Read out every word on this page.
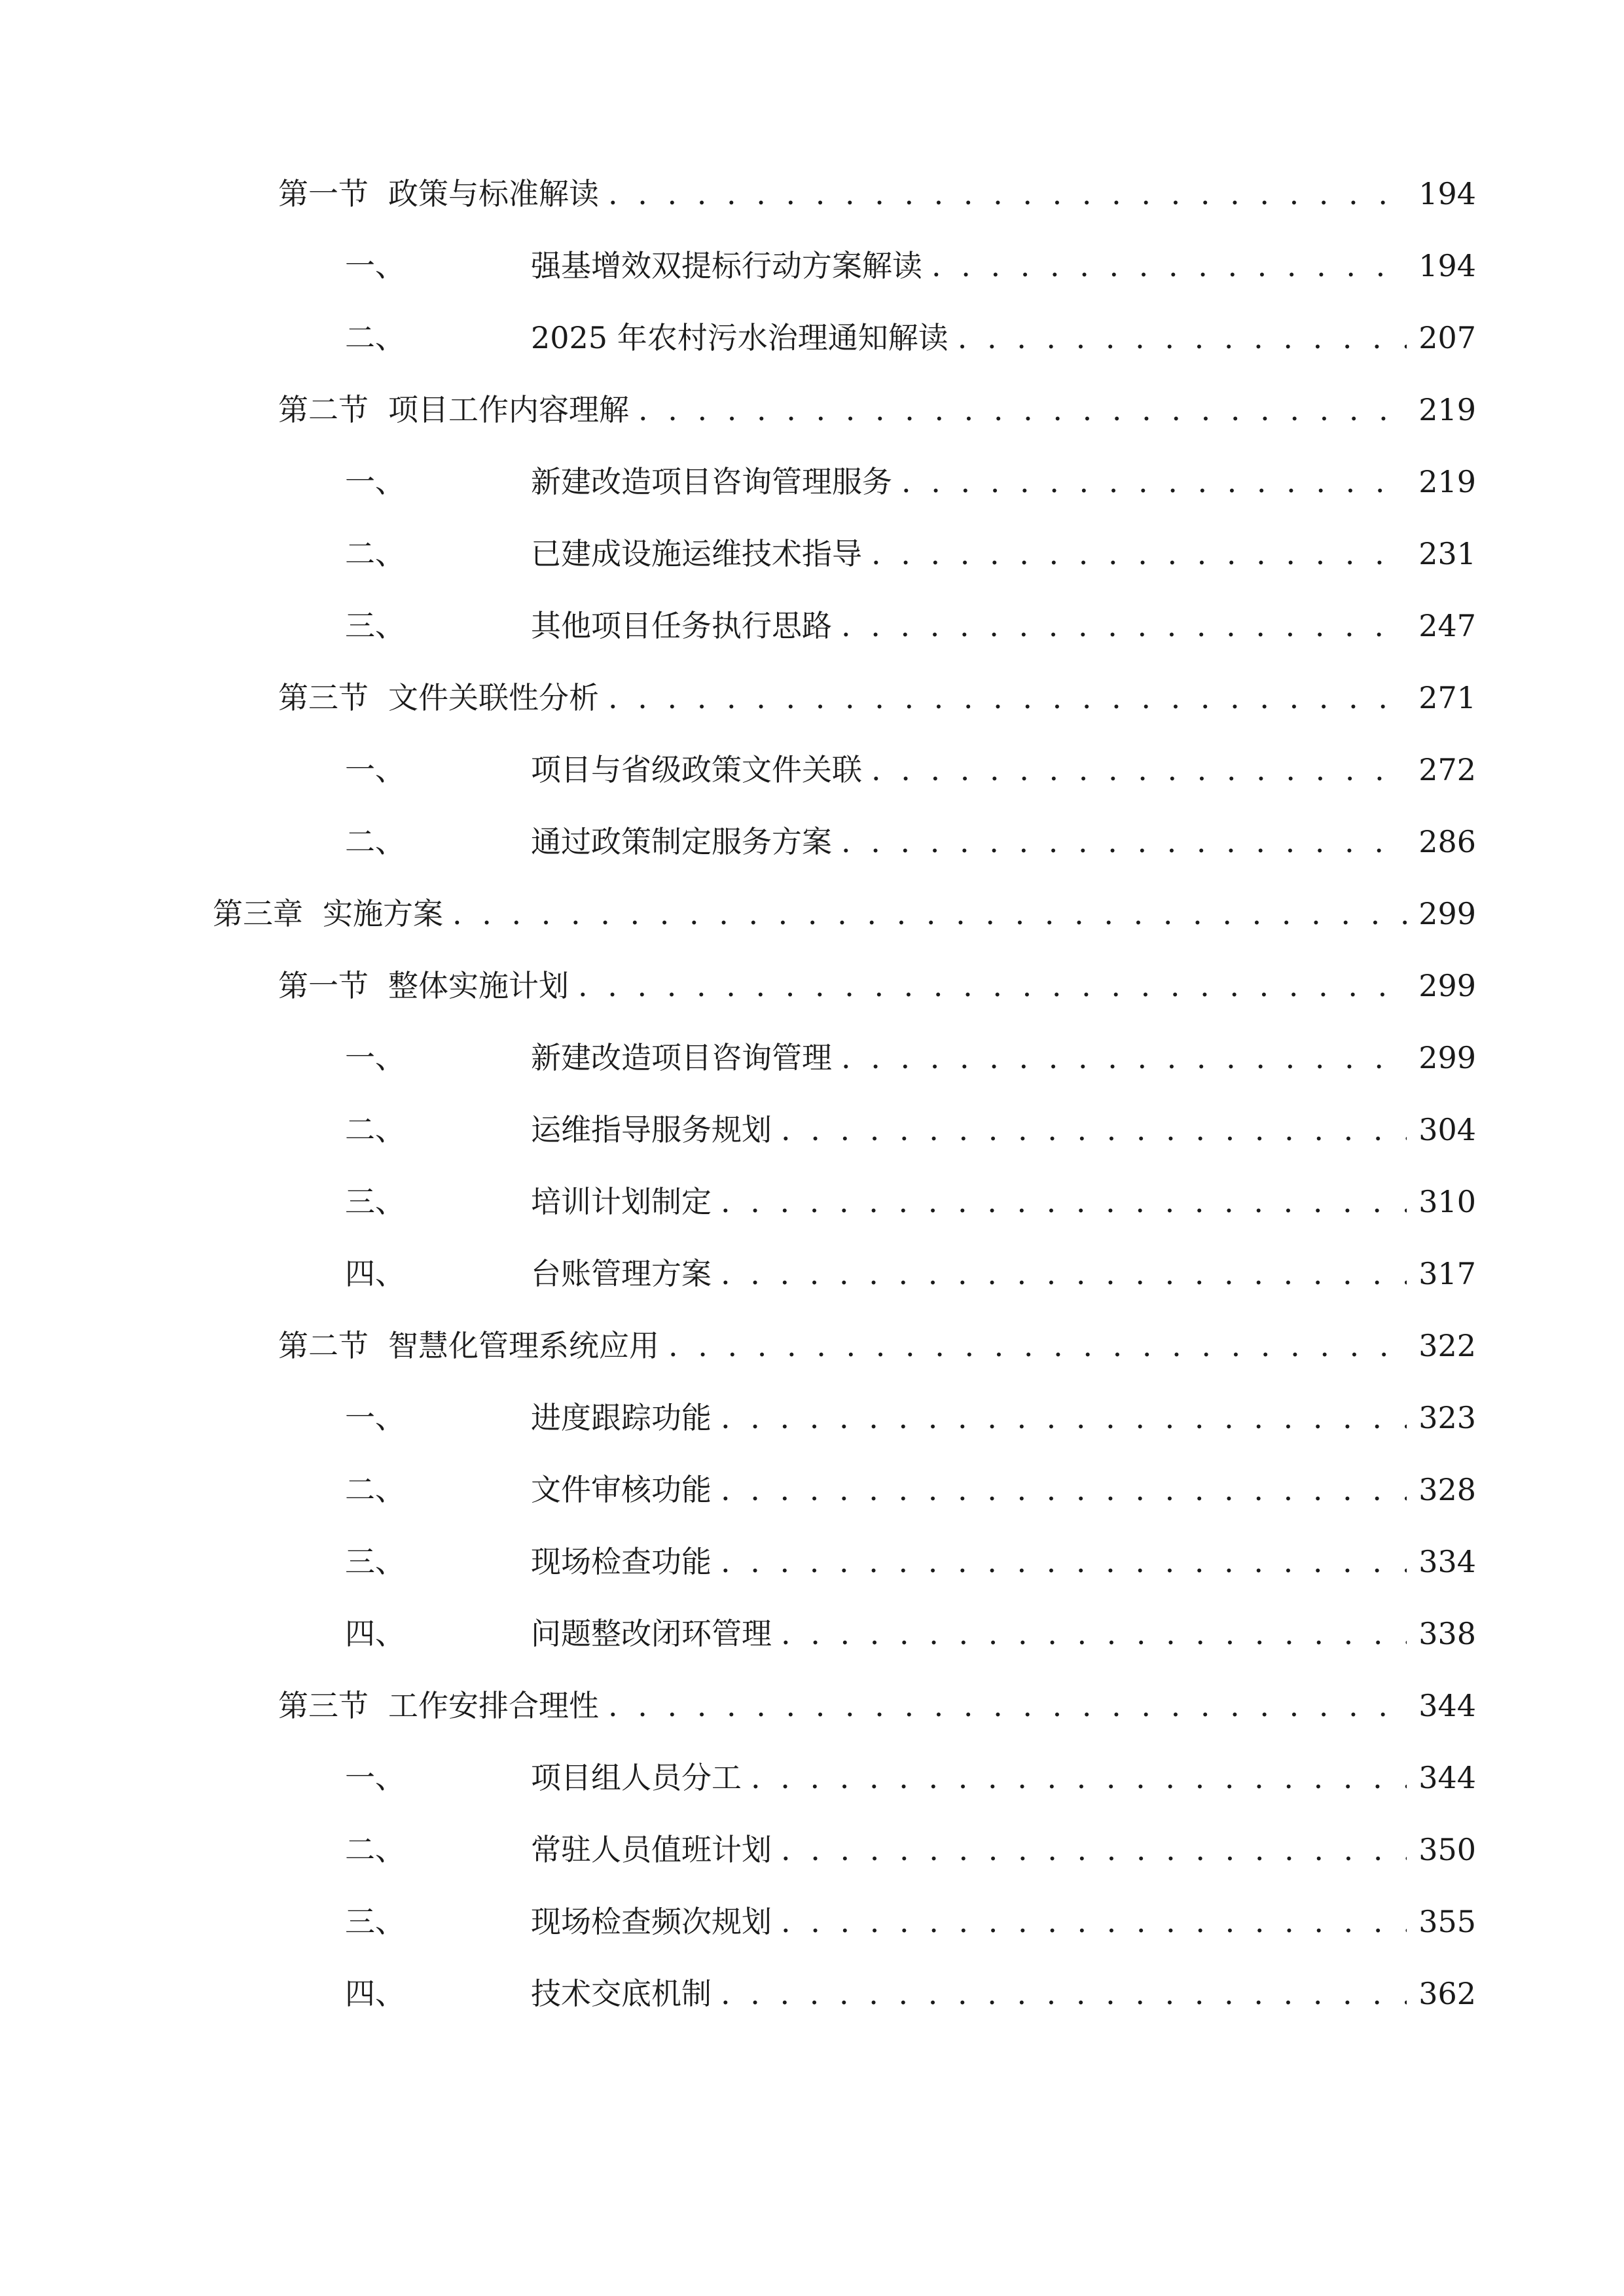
第一节 政策与标准解读 . . .	194
一、	强基增效双提标行动方案解读 . . .	194
二、	2025 年农村污水治理通知解读 . . .	207
第二节 项目工作内容理解 . . .	219
一、	新建改造项目咨询管理服务 . . .	219
二、	已建成设施运维技术指导 . . .	231
三、	其他项目任务执行思路 . . .	247
第三节 文件关联性分析 . . .	271
一、	项目与省级政策文件关联 . . .	272
二、	通过政策制定服务方案 . . .	286
第三章 实施方案 . . .	299
第一节 整体实施计划 . . .	299
一、	新建改造项目咨询管理 . . .	299
二、	运维指导服务规划 . . .	304
三、	培训计划制定 . . .	310
四、	台账管理方案 . . .	317
第二节 智慧化管理系统应用 . . .	322
一、	进度跟踪功能 . . .	323
二、	文件审核功能 . . .	328
三、	现场检查功能 . . .	334
四、	问题整改闭环管理 . . .	338
第三节 工作安排合理性 . . .	344
一、	项目组人员分工 . . .	344
二、	常驻人员值班计划 . . .	350
三、	现场检查频次规划 . . .	355
四、	技术交底机制 . . .	362
